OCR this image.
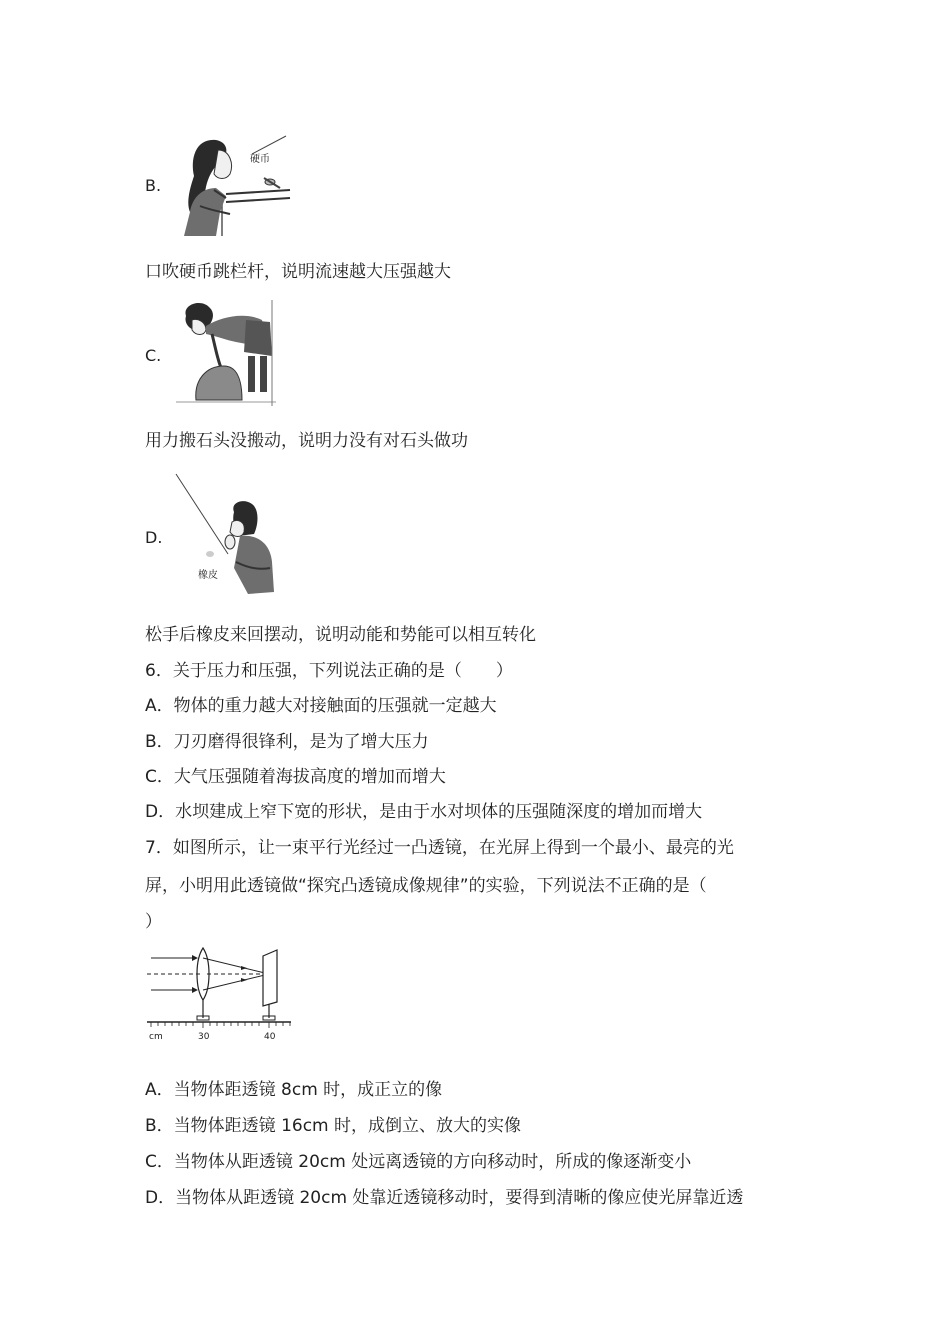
B.
硬币
口吹硬币跳栏杆，说明流速越大压强越大
C.
用力搬石头没搬动，说明力没有对石头做功
D.
橡皮
松手后橡皮来回摆动，说明动能和势能可以相互转化
6．关于压力和压强，下列说法正确的是（　　）
A．物体的重力越大对接触面的压强就一定越大
B．刀刃磨得很锋利，是为了增大压力
C．大气压强随着海拔高度的增加而增大
D．水坝建成上窄下宽的形状，是由于水对坝体的压强随深度的增加而增大
7．如图所示，让一束平行光经过一凸透镜，在光屏上得到一个最小、最亮的光
屏，小明用此透镜做“探究凸透镜成像规律”的实验，下列说法不正确的是（
）
cm	30	40
A．当物体距透镜 8cm 时，成正立的像
B．当物体距透镜 16cm 时，成倒立、放大的实像
C．当物体从距透镜 20cm 处远离透镜的方向移动时，所成的像逐渐变小
D．当物体从距透镜 20cm 处靠近透镜移动时，要得到清晰的像应使光屏靠近透
